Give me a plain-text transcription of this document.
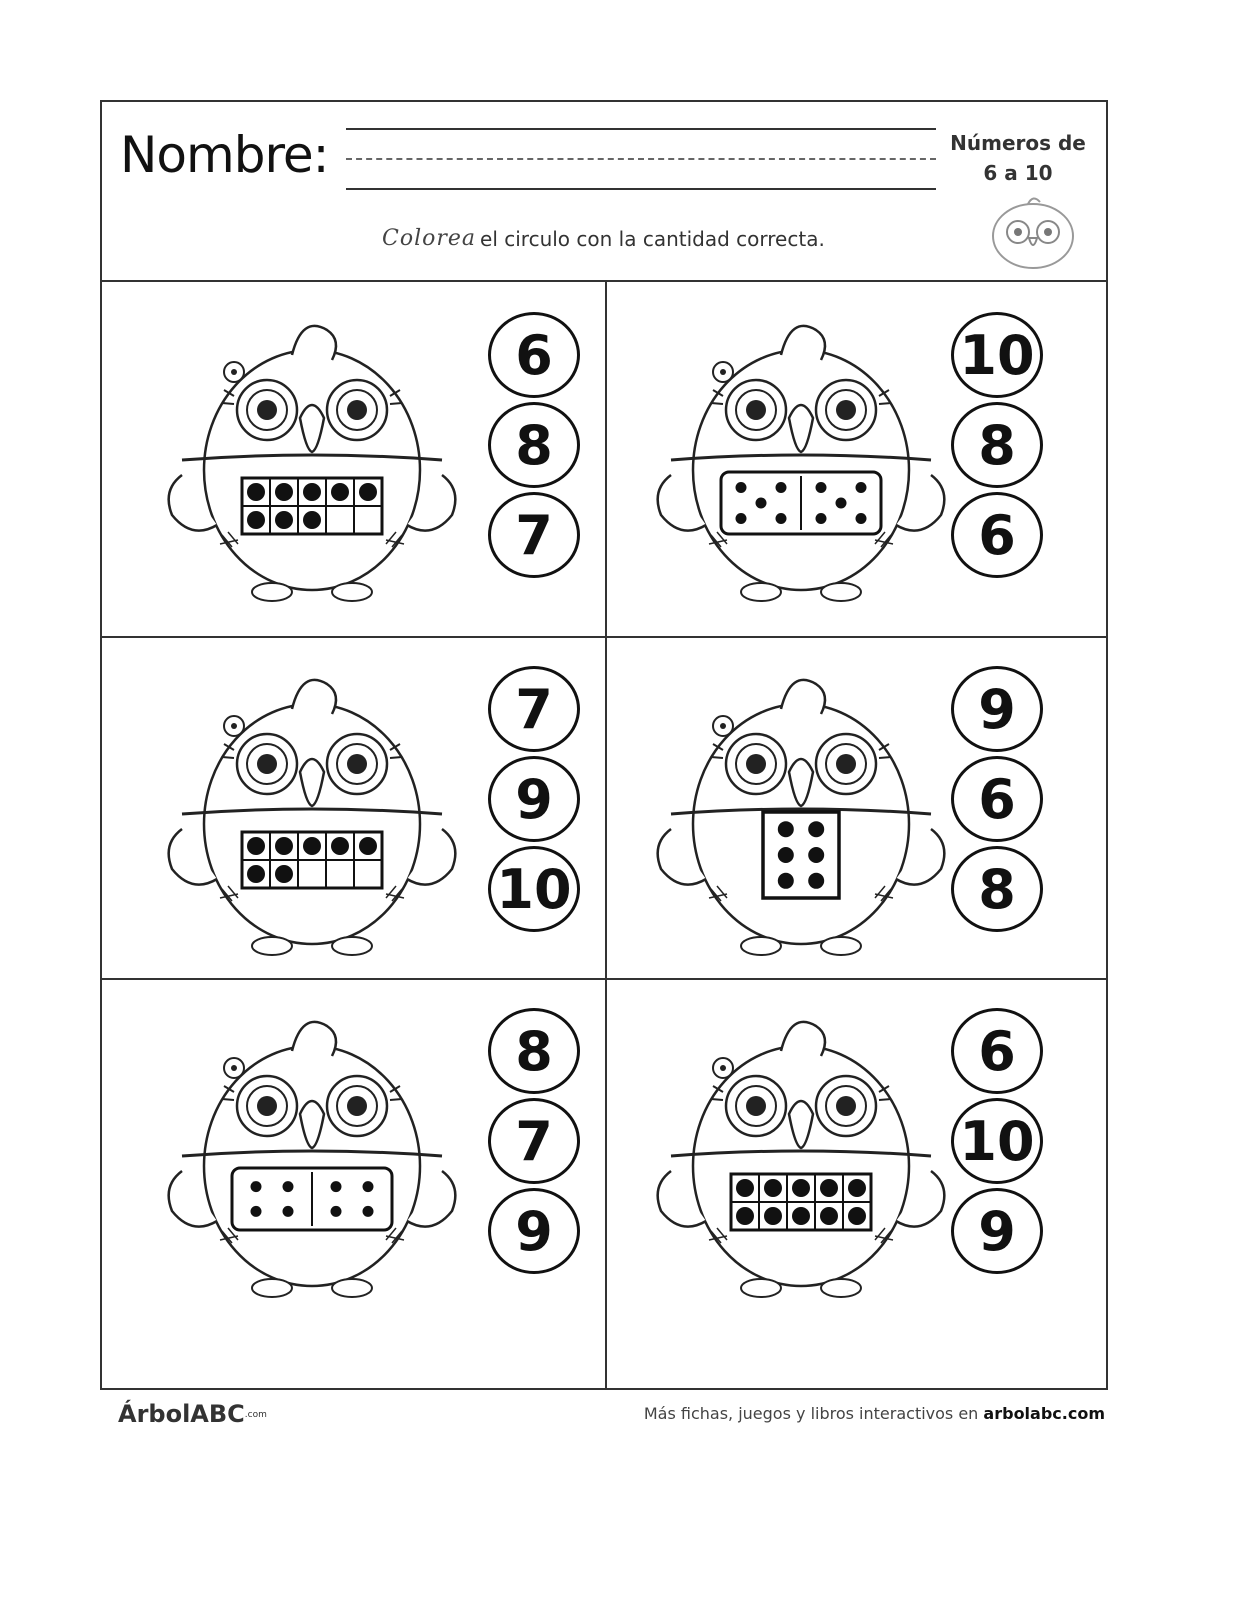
Nombre:	Números de
6 a 10
Colorea el circulo con la cantidad correcta.
6
8
7
10
8
6
7
9
10
9
6
8
8
7
9
6
10
9
ÁrbolABC.com	Más fichas, juegos y libros interactivos en arbolabc.com
